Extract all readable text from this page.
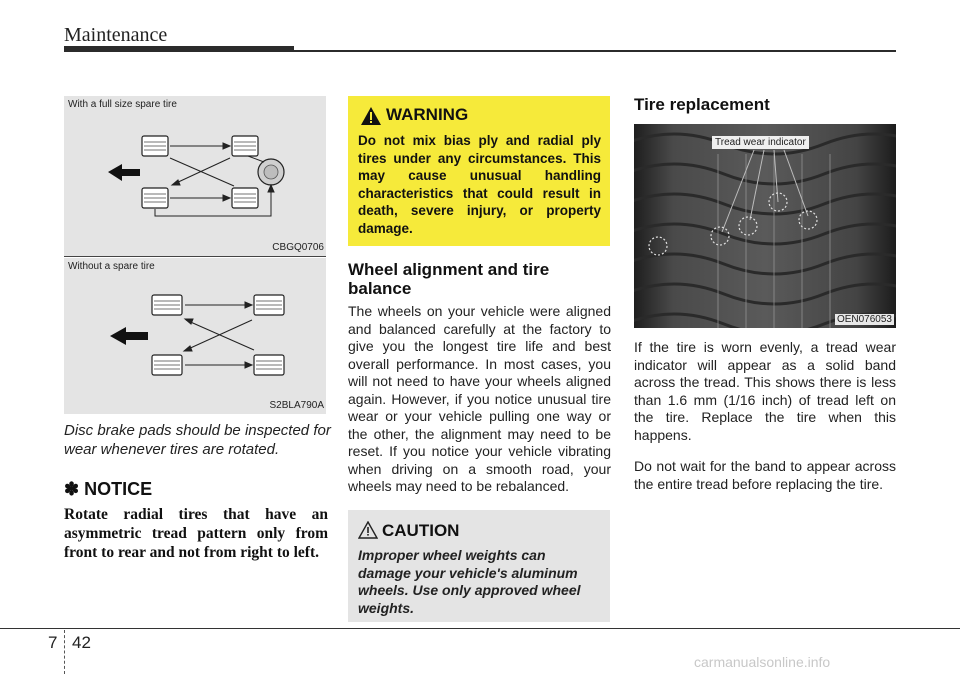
Maintenance
With a full size spare tire
CBGQ0706
Without a spare tire
S2BLA790A
Disc brake pads should be inspected for wear whenever tires are rotated.
✽ NOTICE
Rotate radial tires that have an asymmetric tread pattern only from front to rear and not from right to left.
WARNING
Do not mix bias ply and radial ply tires under any circumstances. This may cause unusual handling characteristics that could result in death, severe injury, or property damage.
Wheel alignment and tire balance
The wheels on your vehicle were aligned and balanced carefully at the factory to give you the longest tire life and best overall performance. In most cases, you will not need to have your wheels aligned again. However, if you notice unusual tire wear or your vehicle pulling one way or the other, the alignment may need to be reset. If you notice your vehicle vibrating when driving on a smooth road, your wheels may need to be rebalanced.
CAUTION
Improper wheel weights can damage your vehicle's aluminum wheels. Use only approved wheel weights.
Tire replacement
Tread wear indicator
OEN076053
If the tire is worn evenly, a tread wear indicator will appear as a solid band across the tread. This shows there is less than 1.6 mm (1/16 inch) of tread left on the tire. Replace the tire when this happens.
Do not wait for the band to appear across the entire tread before replacing the tire.
7 42
carmanualsonline.info
